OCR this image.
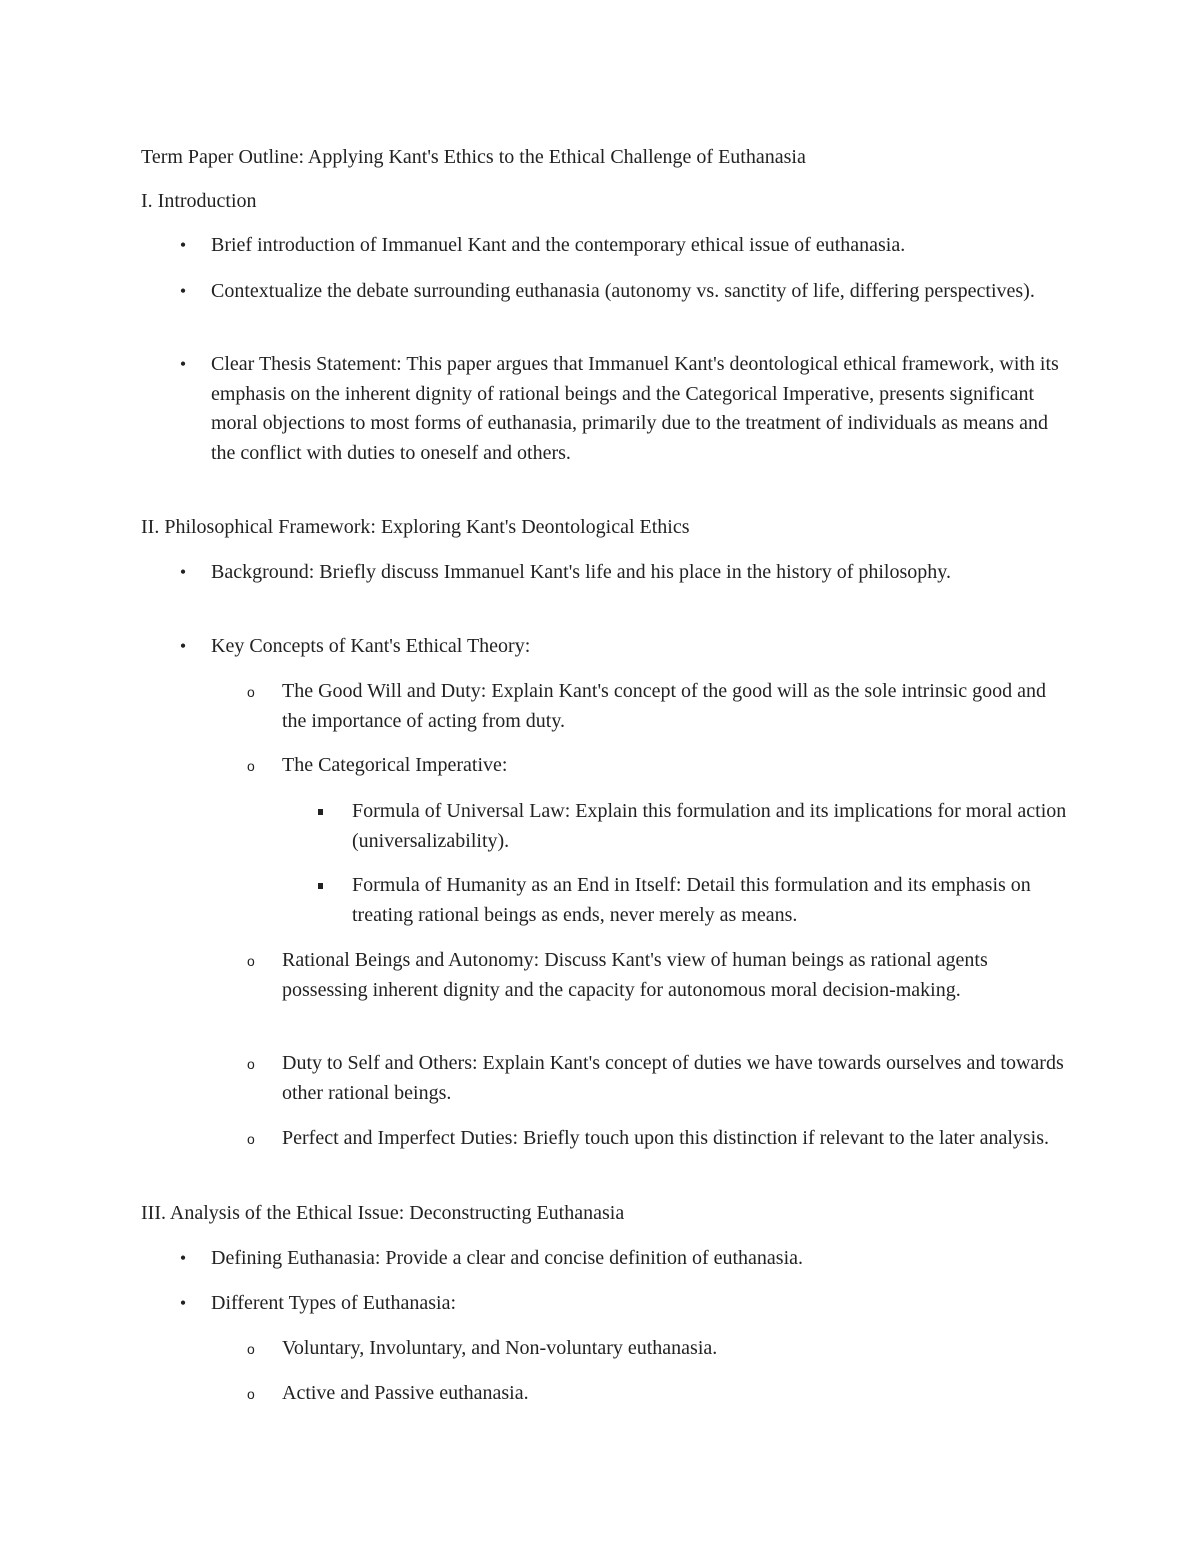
Term Paper Outline: Applying Kant's Ethics to the Ethical Challenge of Euthanasia
I. Introduction
• Brief introduction of Immanuel Kant and the contemporary ethical issue of euthanasia.
• Contextualize the debate surrounding euthanasia (autonomy vs. sanctity of life, differing perspectives).
• Clear Thesis Statement: This paper argues that Immanuel Kant's deontological ethical framework, with its emphasis on the inherent dignity of rational beings and the Categorical Imperative, presents significant moral objections to most forms of euthanasia, primarily due to the treatment of individuals as means and the conflict with duties to oneself and others.
II. Philosophical Framework: Exploring Kant's Deontological Ethics
• Background: Briefly discuss Immanuel Kant's life and his place in the history of philosophy.
• Key Concepts of Kant's Ethical Theory:
o The Good Will and Duty: Explain Kant's concept of the good will as the sole intrinsic good and the importance of acting from duty.
o The Categorical Imperative:
Formula of Universal Law: Explain this formulation and its implications for moral action (universalizability).
Formula of Humanity as an End in Itself: Detail this formulation and its emphasis on treating rational beings as ends, never merely as means.
o Rational Beings and Autonomy: Discuss Kant's view of human beings as rational agents possessing inherent dignity and the capacity for autonomous moral decision-making.
o Duty to Self and Others: Explain Kant's concept of duties we have towards ourselves and towards other rational beings.
o Perfect and Imperfect Duties: Briefly touch upon this distinction if relevant to the later analysis.
III. Analysis of the Ethical Issue: Deconstructing Euthanasia
• Defining Euthanasia: Provide a clear and concise definition of euthanasia.
• Different Types of Euthanasia:
o Voluntary, Involuntary, and Non-voluntary euthanasia.
o Active and Passive euthanasia.
